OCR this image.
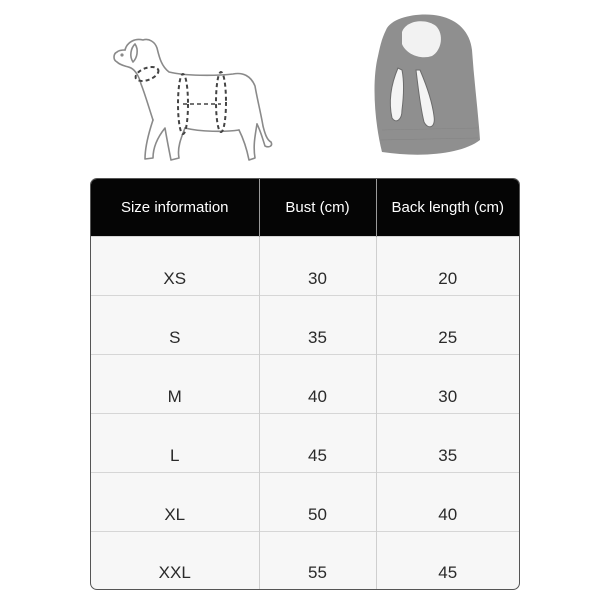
Size information	Bust (cm)	Back length (cm)
XS	30	20
S	35	25
M	40	30
L	45	35
XL	50	40
XXL	55	45
